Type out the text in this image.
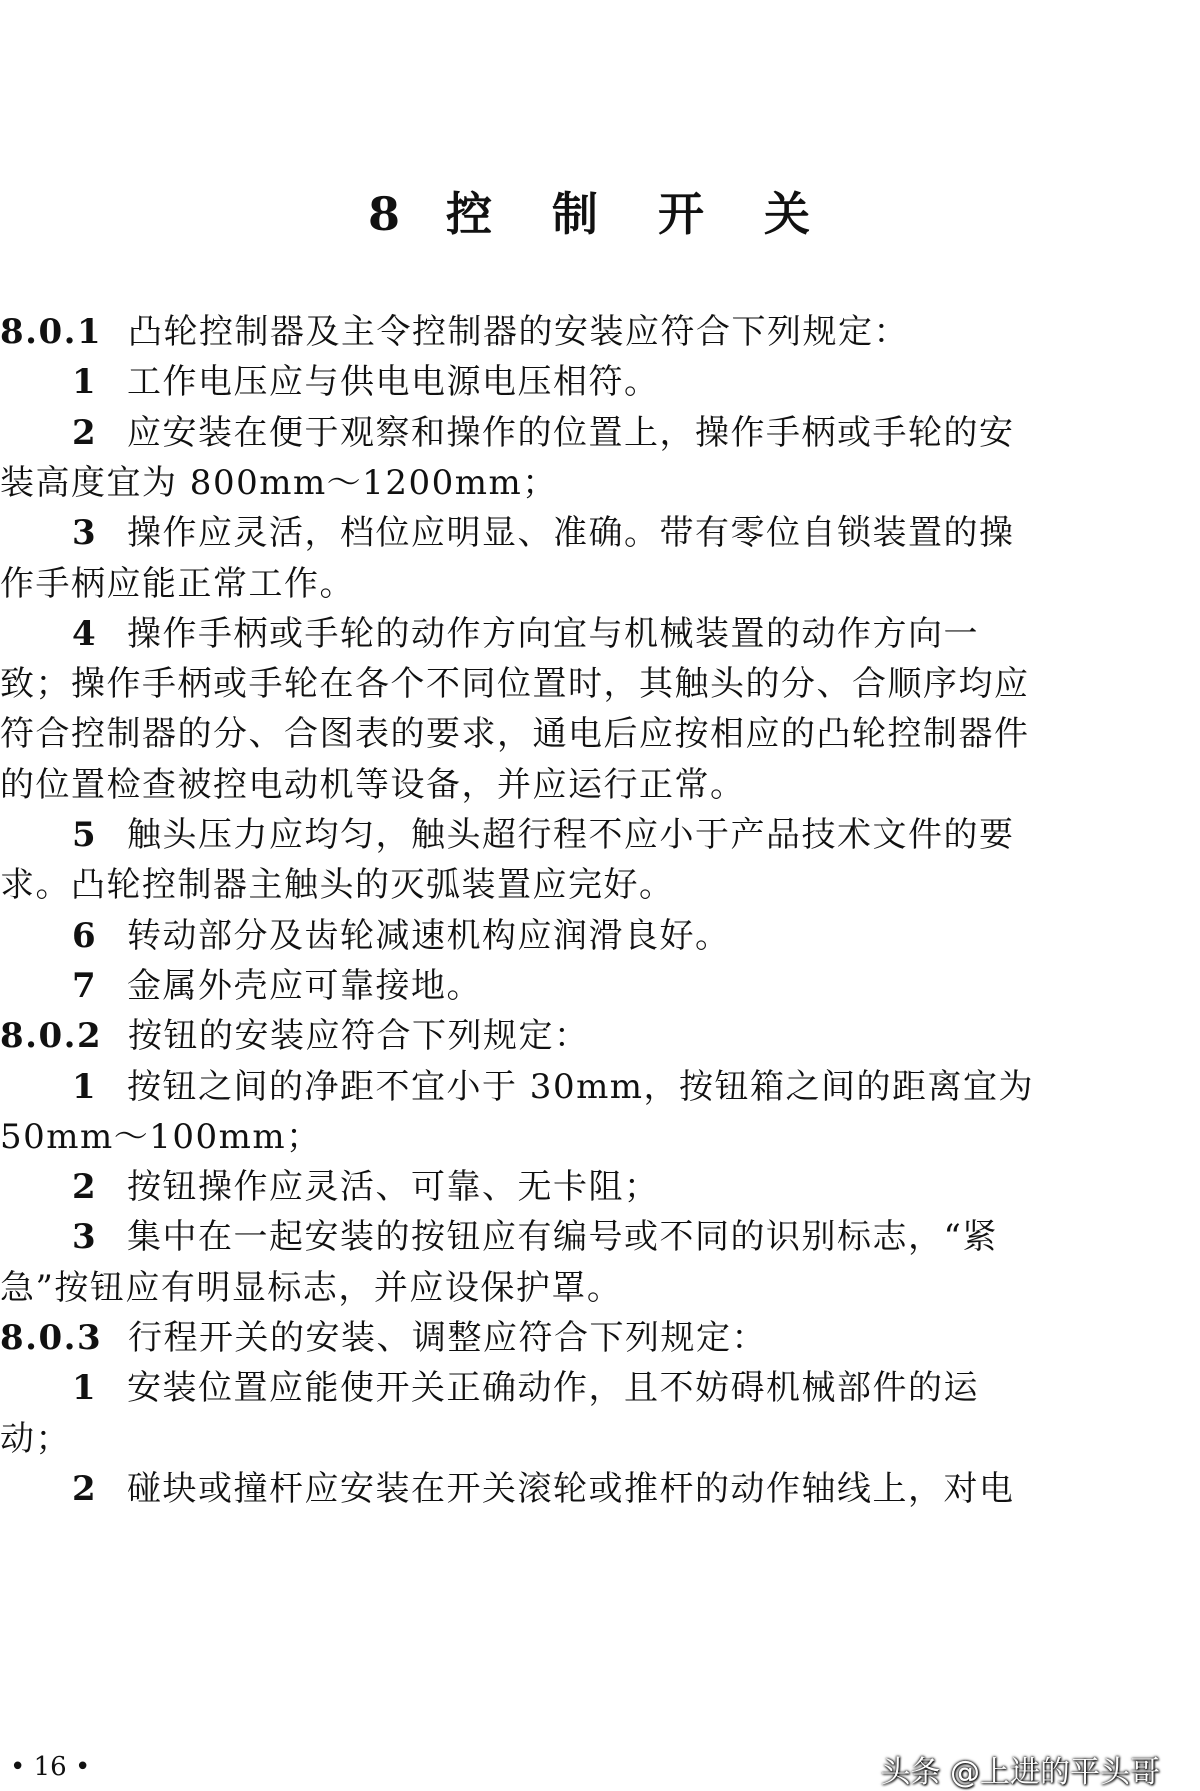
8 控 制 开 关
8.0.1 凸轮控制器及主令控制器的安装应符合下列规定：
1 工作电压应与供电电源电压相符。
2 应安装在便于观察和操作的位置上，操作手柄或手轮的安
装高度宜为 800mm～1200mm；
3 操作应灵活，档位应明显、准确。带有零位自锁装置的操
作手柄应能正常工作。
4 操作手柄或手轮的动作方向宜与机械装置的动作方向一
致；操作手柄或手轮在各个不同位置时，其触头的分、合顺序均应
符合控制器的分、合图表的要求，通电后应按相应的凸轮控制器件
的位置检查被控电动机等设备，并应运行正常。
5 触头压力应均匀，触头超行程不应小于产品技术文件的要
求。凸轮控制器主触头的灭弧装置应完好。
6 转动部分及齿轮减速机构应润滑良好。
7 金属外壳应可靠接地。
8.0.2 按钮的安装应符合下列规定：
1 按钮之间的净距不宜小于 30mm，按钮箱之间的距离宜为
50mm～100mm；
2 按钮操作应灵活、可靠、无卡阻；
3 集中在一起安装的按钮应有编号或不同的识别标志，“紧
急”按钮应有明显标志，并应设保护罩。
8.0.3 行程开关的安装、调整应符合下列规定：
1 安装位置应能使开关正确动作，且不妨碍机械部件的运
动；
2 碰块或撞杆应安装在开关滚轮或推杆的动作轴线上，对电
• 16 •	头条 @上进的平头哥
